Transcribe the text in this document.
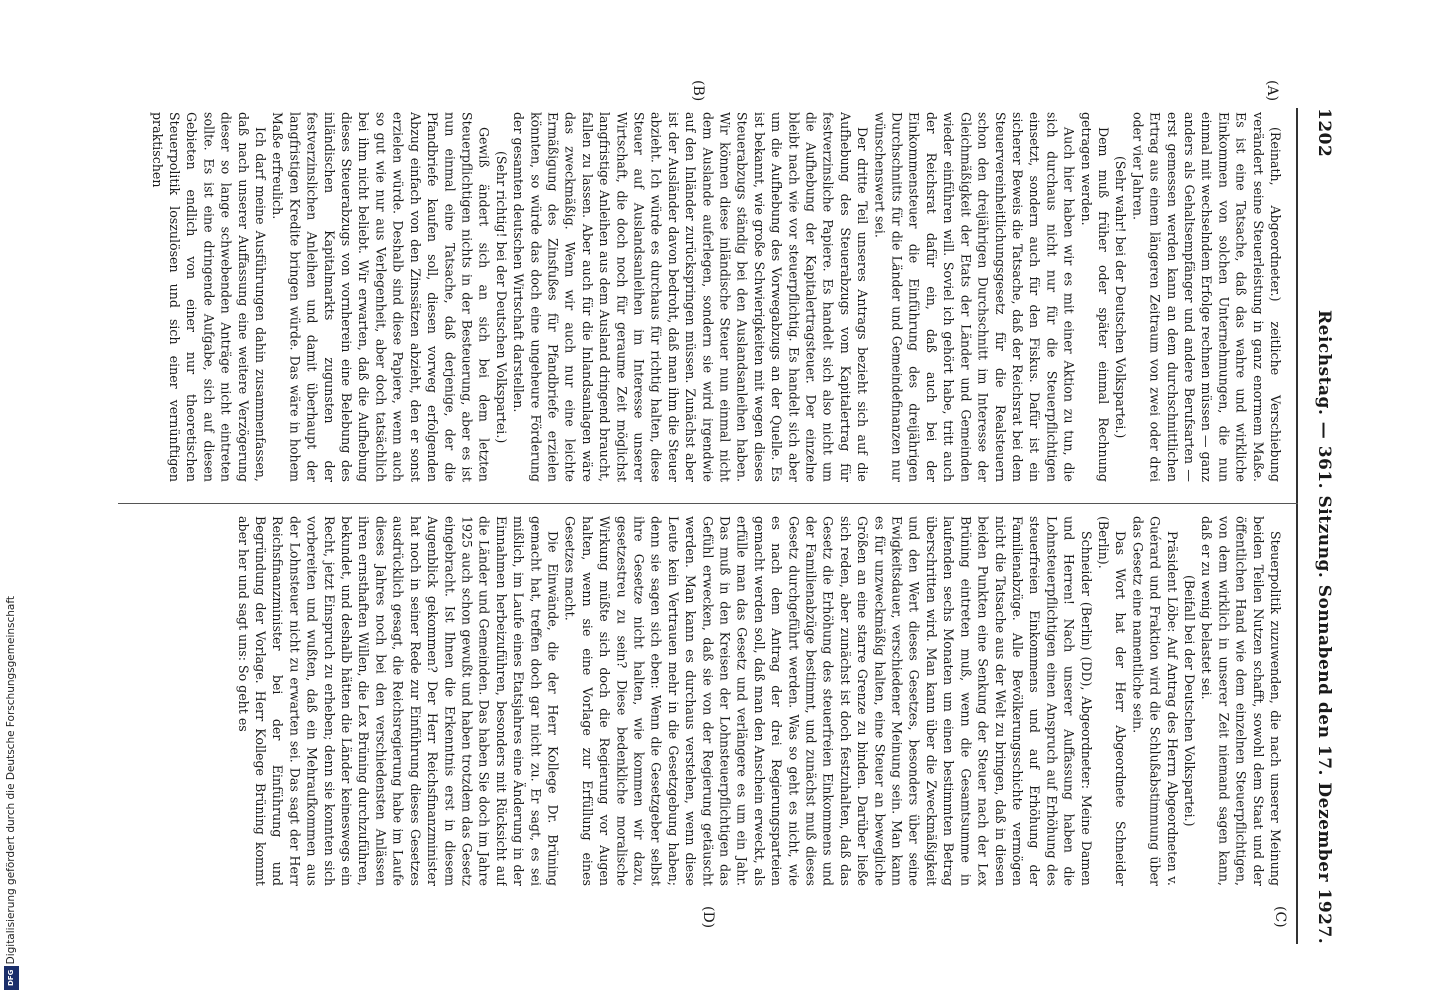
1202
Reichstag. — 361. Sitzung. Sonnabend den 17. Dezember 1927.

(Reinath, Abgeordneter.) zeitliche Verschiebung verändert seine Steuerleistung in ganz enormem Maße. Es ist eine Tatsache, daß das wahre und wirkliche Einkommen von solchen Unternehmungen, die nun einmal mit wechselndem Erfolge rechnen müssen — ganz anders als Gehaltsempfänger und andere Berufsarten — erst gemessen werden kann an dem durchschnittlichen Ertrag aus einem längeren Zeitraum von zwei oder drei oder vier Jahren.

(Sehr wahr! bei der Deutschen Volkspartei.)

Dem muß früher oder später einmal Rechnung getragen werden.

Auch hier haben wir es mit einer Aktion zu tun, die sich durchaus nicht nur für die Steuerpflichtigen einsetzt, sondern auch für den Fiskus. Dafür ist ein sicherer Beweis die Tatsache, daß der Reichsrat bei dem Steuervereinheitlichungsgesetz für die Realsteuern schon den dreijährigen Durchschnitt im Interesse der Gleichmäßigkeit der Etats der Länder und Gemeinden wieder einführen will. Soviel ich gehört habe, tritt auch der Reichsrat dafür ein, daß auch bei der Einkommensteuer die Einführung des dreijährigen Durchschnitts für die Länder und Gemeindefinanzen nur wünschenswert sei.

Der dritte Teil unseres Antrags bezieht sich auf die Aufhebung des Steuerabzugs vom Kapitalertrag für festverzinsliche Papiere. Es handelt sich also nicht um die Aufhebung der Kapitalertragsteuer. Der einzelne bleibt nach wie vor steuerpflichtig. Es handelt sich aber um die Aufhebung des Vorwegabzugs an der Quelle. Es ist bekannt, wie große Schwierigkeiten mit wegen dieses Steuerabzugs ständig bei den Auslandsanleihen haben. Wir können diese inländische Steuer nun einmal nicht dem Auslande auferlegen, sondern sie wird irgendwie auf den Inländer zurückspringen müssen. Zunächst aber ist der Ausländer davon bedroht, daß man ihm die Steuer abzieht. Ich würde es durchaus für richtig halten, diese Steuer auf Auslandsanleihen im Interesse unserer Wirtschaft, die doch noch für geraume Zeit möglichst langfristige Anleihen aus dem Ausland dringend braucht, fallen zu lassen. Aber auch für die Inlandsanlagen wäre das zweckmäßig. Wenn wir auch nur eine leichte Ermäßigung des Zinsfußes für Pfandbriefe erzielen könnten, so würde das doch eine ungeheure Förderung der gesamten deutschen Wirtschaft darstellen.

(Sehr richtig! bei der Deutschen Volkspartei.)

Gewiß ändert sich an sich bei dem letzten Steuerpflichtigen nichts in der Besteuerung, aber es ist nun einmal eine Tatsache, daß derjenige, der die Pfandbriefe kaufen soll, diesen vorweg erfolgenden Abzug einfach von den Zinssätzen abzieht, den er sonst erzielen würde. Deshalb sind diese Papiere, wenn auch so gut wie nur aus Verlegenheit, aber doch tatsächlich bei ihm nicht beliebt. Wir erwarten, daß die Aufhebung dieses Steuerabzugs von vornherein eine Belebung des inländischen Kapitalmarkts zugunsten der festverzinslichen Anleihen und damit überhaupt der langfristigen Kredite bringen würde. Das wäre in hohem Maße erfreulich.

Ich darf meine Ausführungen dahin zusammenfassen, daß nach unserer Auffassung eine weitere Verzögerung dieser so lange schwebenden Anträge nicht eintreten sollte. Es ist eine dringende Aufgabe, sich auf diesen Gebieten endlich von einer nur theoretischen Steuerpolitik loszulösen und sich einer vernünftigen praktischen

Steuerpolitik zuzuwenden, die nach unserer Meinung beiden Teilen Nutzen schafft, sowohl dem Staat und der öffentlichen Hand wie dem einzelnen Steuerpflichtigen, von dem wirklich in unserer Zeit niemand sagen kann, daß er zu wenig belastet sei.

(Beifall bei der Deutschen Volkspartei.)

Präsident Löbe: Auf Antrag des Herrn Abgeordneten v. Guérard und Fraktion wird die Schlußabstimmung über das Gesetz eine namentliche sein.

Das Wort hat der Herr Abgeordnete Schneider (Berlin).

Schneider (Berlin) (DD), Abgeordneter: Meine Damen und Herren! Nach unserer Auffassung haben die Lohnsteuerpflichtigen einen Anspruch auf Erhöhung des steuerfreien Einkommens und auf Erhöhung der Familienabzüge. Alle Bevölkerungsschichte vermögen nicht die Tatsache aus der Welt zu bringen, daß in diesen beiden Punkten eine Senkung der Steuer nach der Lex Brüning eintreten muß, wenn die Gesamtsumme in laufenden sechs Monaten um einen bestimmten Betrag überschritten wird. Man kann über die Zweckmäßigkeit und den Wert dieses Gesetzes, besonders über seine Ewigkeitsdauer, verschiedener Meinung sein. Man kann es für unzweckmäßig halten, eine Steuer an bewegliche Größen an eine starre Grenze zu binden. Darüber ließe sich reden, aber zunächst ist doch festzuhalten, daß das Gesetz die Erhöhung des steuerfreien Einkommens und der Familienabzüge bestimmt, und zunächst muß dieses Gesetz durchgeführt werden. Was so geht es nicht, wie es nach dem Antrag der drei Regierungsparteien gemacht werden soll, daß man den Anschein erweckt, als erfülle man das Gesetz und verlängere es um ein Jahr. Das muß in den Kreisen der Lohnsteuerpflichtigen das Gefühl erwecken, daß sie von der Regierung getäuscht werden. Man kann es durchaus verstehen, wenn diese Leute kein Vertrauen mehr in die Gesetzgebung haben; denn sie sagen sich eben: Wenn die Gesetzgeber selbst ihre Gesetze nicht halten, wie kommen wir dazu, gesetzestreu zu sein? Diese bedenkliche moralische Wirkung müßte sich doch die Regierung vor Augen halten, wenn sie eine Vorlage zur Erfüllung eines Gesetzes macht.

Die Einwände, die der Herr Kollege Dr. Brüning gemacht hat, treffen doch gar nicht zu. Er sagt, es sei mißlich, im Laufe eines Etatsjahres eine Änderung in der Einnahmen herbeizuführen, besonders mit Rücksicht auf die Länder und Gemeinden. Das haben Sie doch im Jahre 1925 auch schon gewußt und haben trotzdem das Gesetz eingebracht. Ist Ihnen die Erkenntnis erst in diesem Augenblick gekommen? Der Herr Reichsfinanzminister hat noch in seiner Rede zur Einführung dieses Gesetzes ausdrücklich gesagt, die Reichsregierung habe im Laufe dieses Jahres noch bei den verschiedensten Anlässen ihren ernsthaften Willen, die Lex Brüning durchzuführen, bekundet, und deshalb hätten die Länder keineswegs ein Recht, jetzt Einspruch zu erheben; denn sie konnten sich vorbereiten und wußten, daß ein Mehraufkommen aus der Lohnsteuer nicht zu erwarten sei. Das sagt der Herr Reichsfinanzminister bei der Einführung und Begründung der Vorlage. Herr Kollege Brüning kommt aber her und sagt uns: So geht es

(A)
(B)
(C)
(D)
Digitalisierung gefördert durch die Deutsche Forschungsgemeinschaft
DFG
